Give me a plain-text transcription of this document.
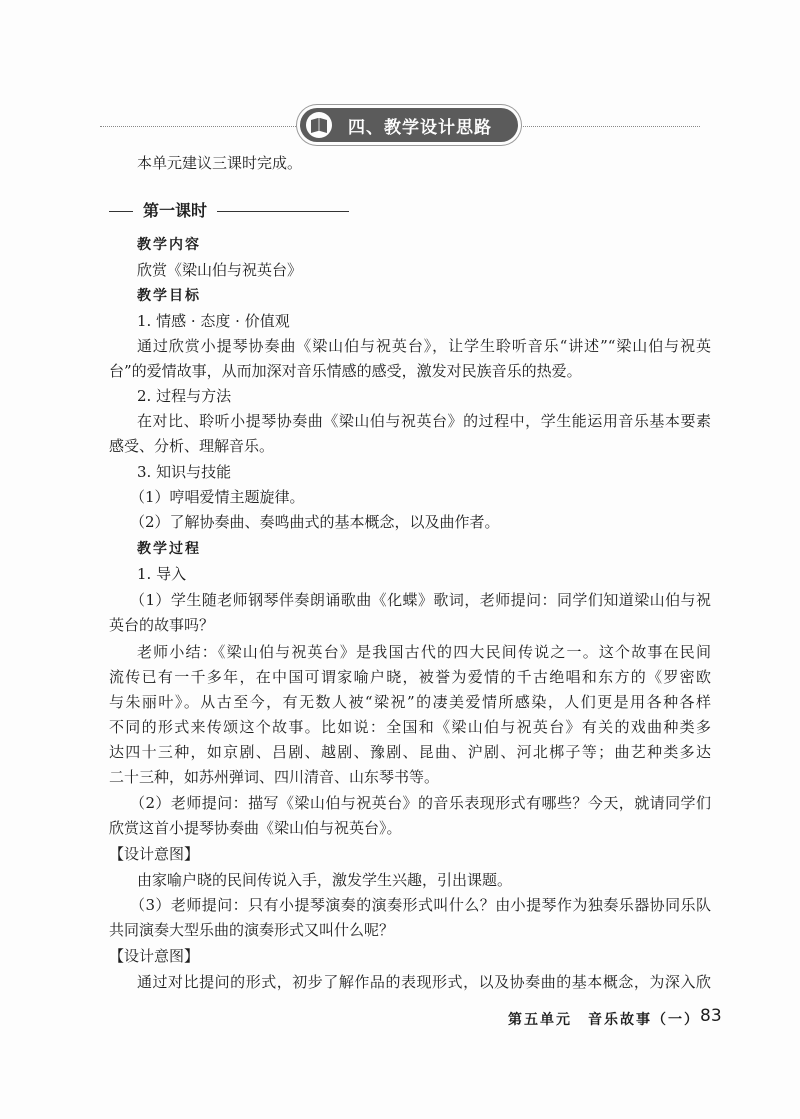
四、教学设计思路
本单元建议三课时完成。
第一课时
教学内容
欣赏《梁山伯与祝英台》
教学目标
1. 情感 · 态度 · 价值观
通过欣赏小提琴协奏曲《梁山伯与祝英台》，让学生聆听音乐“讲述”“梁山伯与祝英
台”的爱情故事，从而加深对音乐情感的感受，激发对民族音乐的热爱。
2. 过程与方法
在对比、聆听小提琴协奏曲《梁山伯与祝英台》的过程中，学生能运用音乐基本要素
感受、分析、理解音乐。
3. 知识与技能
（1）哼唱爱情主题旋律。
（2）了解协奏曲、奏鸣曲式的基本概念，以及曲作者。
教学过程
1. 导入
（1）学生随老师钢琴伴奏朗诵歌曲《化蝶》歌词，老师提问：同学们知道梁山伯与祝
英台的故事吗？
老师小结：《梁山伯与祝英台》是我国古代的四大民间传说之一。这个故事在民间
流传已有一千多年，在中国可谓家喻户晓，被誉为爱情的千古绝唱和东方的《罗密欧
与朱丽叶》。从古至今，有无数人被“梁祝”的凄美爱情所感染，人们更是用各种各样
不同的形式来传颂这个故事。比如说：全国和《梁山伯与祝英台》有关的戏曲种类多
达四十三种，如京剧、吕剧、越剧、豫剧、昆曲、沪剧、河北梆子等；曲艺种类多达
二十三种，如苏州弹词、四川清音、山东琴书等。
（2）老师提问：描写《梁山伯与祝英台》的音乐表现形式有哪些？今天，就请同学们
欣赏这首小提琴协奏曲《梁山伯与祝英台》。
【设计意图】
由家喻户晓的民间传说入手，激发学生兴趣，引出课题。
（3）老师提问：只有小提琴演奏的演奏形式叫什么？由小提琴作为独奏乐器协同乐队
共同演奏大型乐曲的演奏形式又叫什么呢？
【设计意图】
通过对比提问的形式，初步了解作品的表现形式，以及协奏曲的基本概念，为深入欣
第五单元　音乐故事（一） 83
